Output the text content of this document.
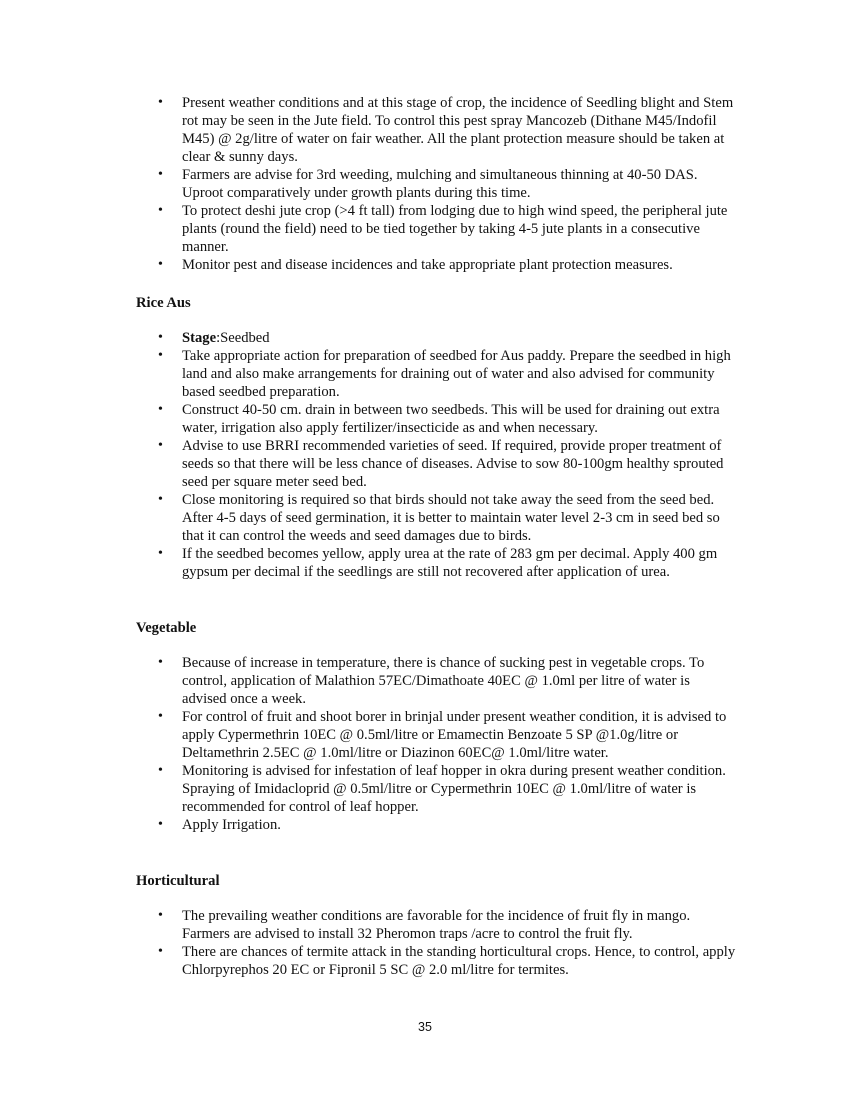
• Present weather conditions and at this stage of crop, the incidence of Seedling blight and Stem rot may be seen in the Jute field. To control this pest spray Mancozeb (Dithane M45/Indofil M45) @ 2g/litre of water on fair weather. All the plant protection measure should be taken at clear & sunny days.
• Farmers are advise for 3rd weeding, mulching and simultaneous thinning at 40-50 DAS. Uproot comparatively under growth plants during this time.
• To protect deshi jute crop (>4 ft tall) from lodging due to high wind speed, the peripheral jute plants (round the field) need to be tied together by taking 4-5 jute plants in a consecutive manner.
• Monitor pest and disease incidences and take appropriate plant protection measures.
Rice Aus
• Stage:Seedbed
• Take appropriate action for preparation of seedbed for Aus paddy. Prepare the seedbed in high land and also make arrangements for draining out of water and also advised for community based seedbed preparation.
• Construct 40-50 cm. drain in between two seedbeds. This will be used for draining out extra water, irrigation also apply fertilizer/insecticide as and when necessary.
• Advise to use BRRI recommended varieties of seed. If required, provide proper treatment of seeds so that there will be less chance of diseases. Advise to sow 80-100gm healthy sprouted seed per square meter seed bed.
• Close monitoring is required so that birds should not take away the seed from the seed bed. After 4-5 days of seed germination, it is better to maintain water level 2-3 cm in seed bed so that it can control the weeds and seed damages due to birds.
• If the seedbed becomes yellow, apply urea at the rate of 283 gm per decimal. Apply 400 gm gypsum per decimal if the seedlings are still not recovered after application of urea.
Vegetable
• Because of increase in temperature, there is chance of sucking pest in vegetable crops. To control, application of Malathion 57EC/Dimathoate 40EC @ 1.0ml per litre of water is advised once a week.
• For control of fruit and shoot borer in brinjal under present weather condition, it is advised to apply Cypermethrin 10EC @ 0.5ml/litre or Emamectin Benzoate 5 SP @1.0g/litre or Deltamethrin 2.5EC @ 1.0ml/litre or Diazinon 60EC@ 1.0ml/litre water.
• Monitoring is advised for infestation of leaf hopper in okra during present weather condition. Spraying of Imidacloprid @ 0.5ml/litre or Cypermethrin 10EC @ 1.0ml/litre of water is recommended for control of leaf hopper.
• Apply Irrigation.
Horticultural
• The prevailing weather conditions are favorable for the incidence of fruit fly in mango. Farmers are advised to install 32 Pheromon traps /acre to control the fruit fly.
• There are chances of termite attack in the standing horticultural crops. Hence, to control, apply Chlorpyrephos 20 EC or Fipronil 5 SC @ 2.0 ml/litre for termites.
35
